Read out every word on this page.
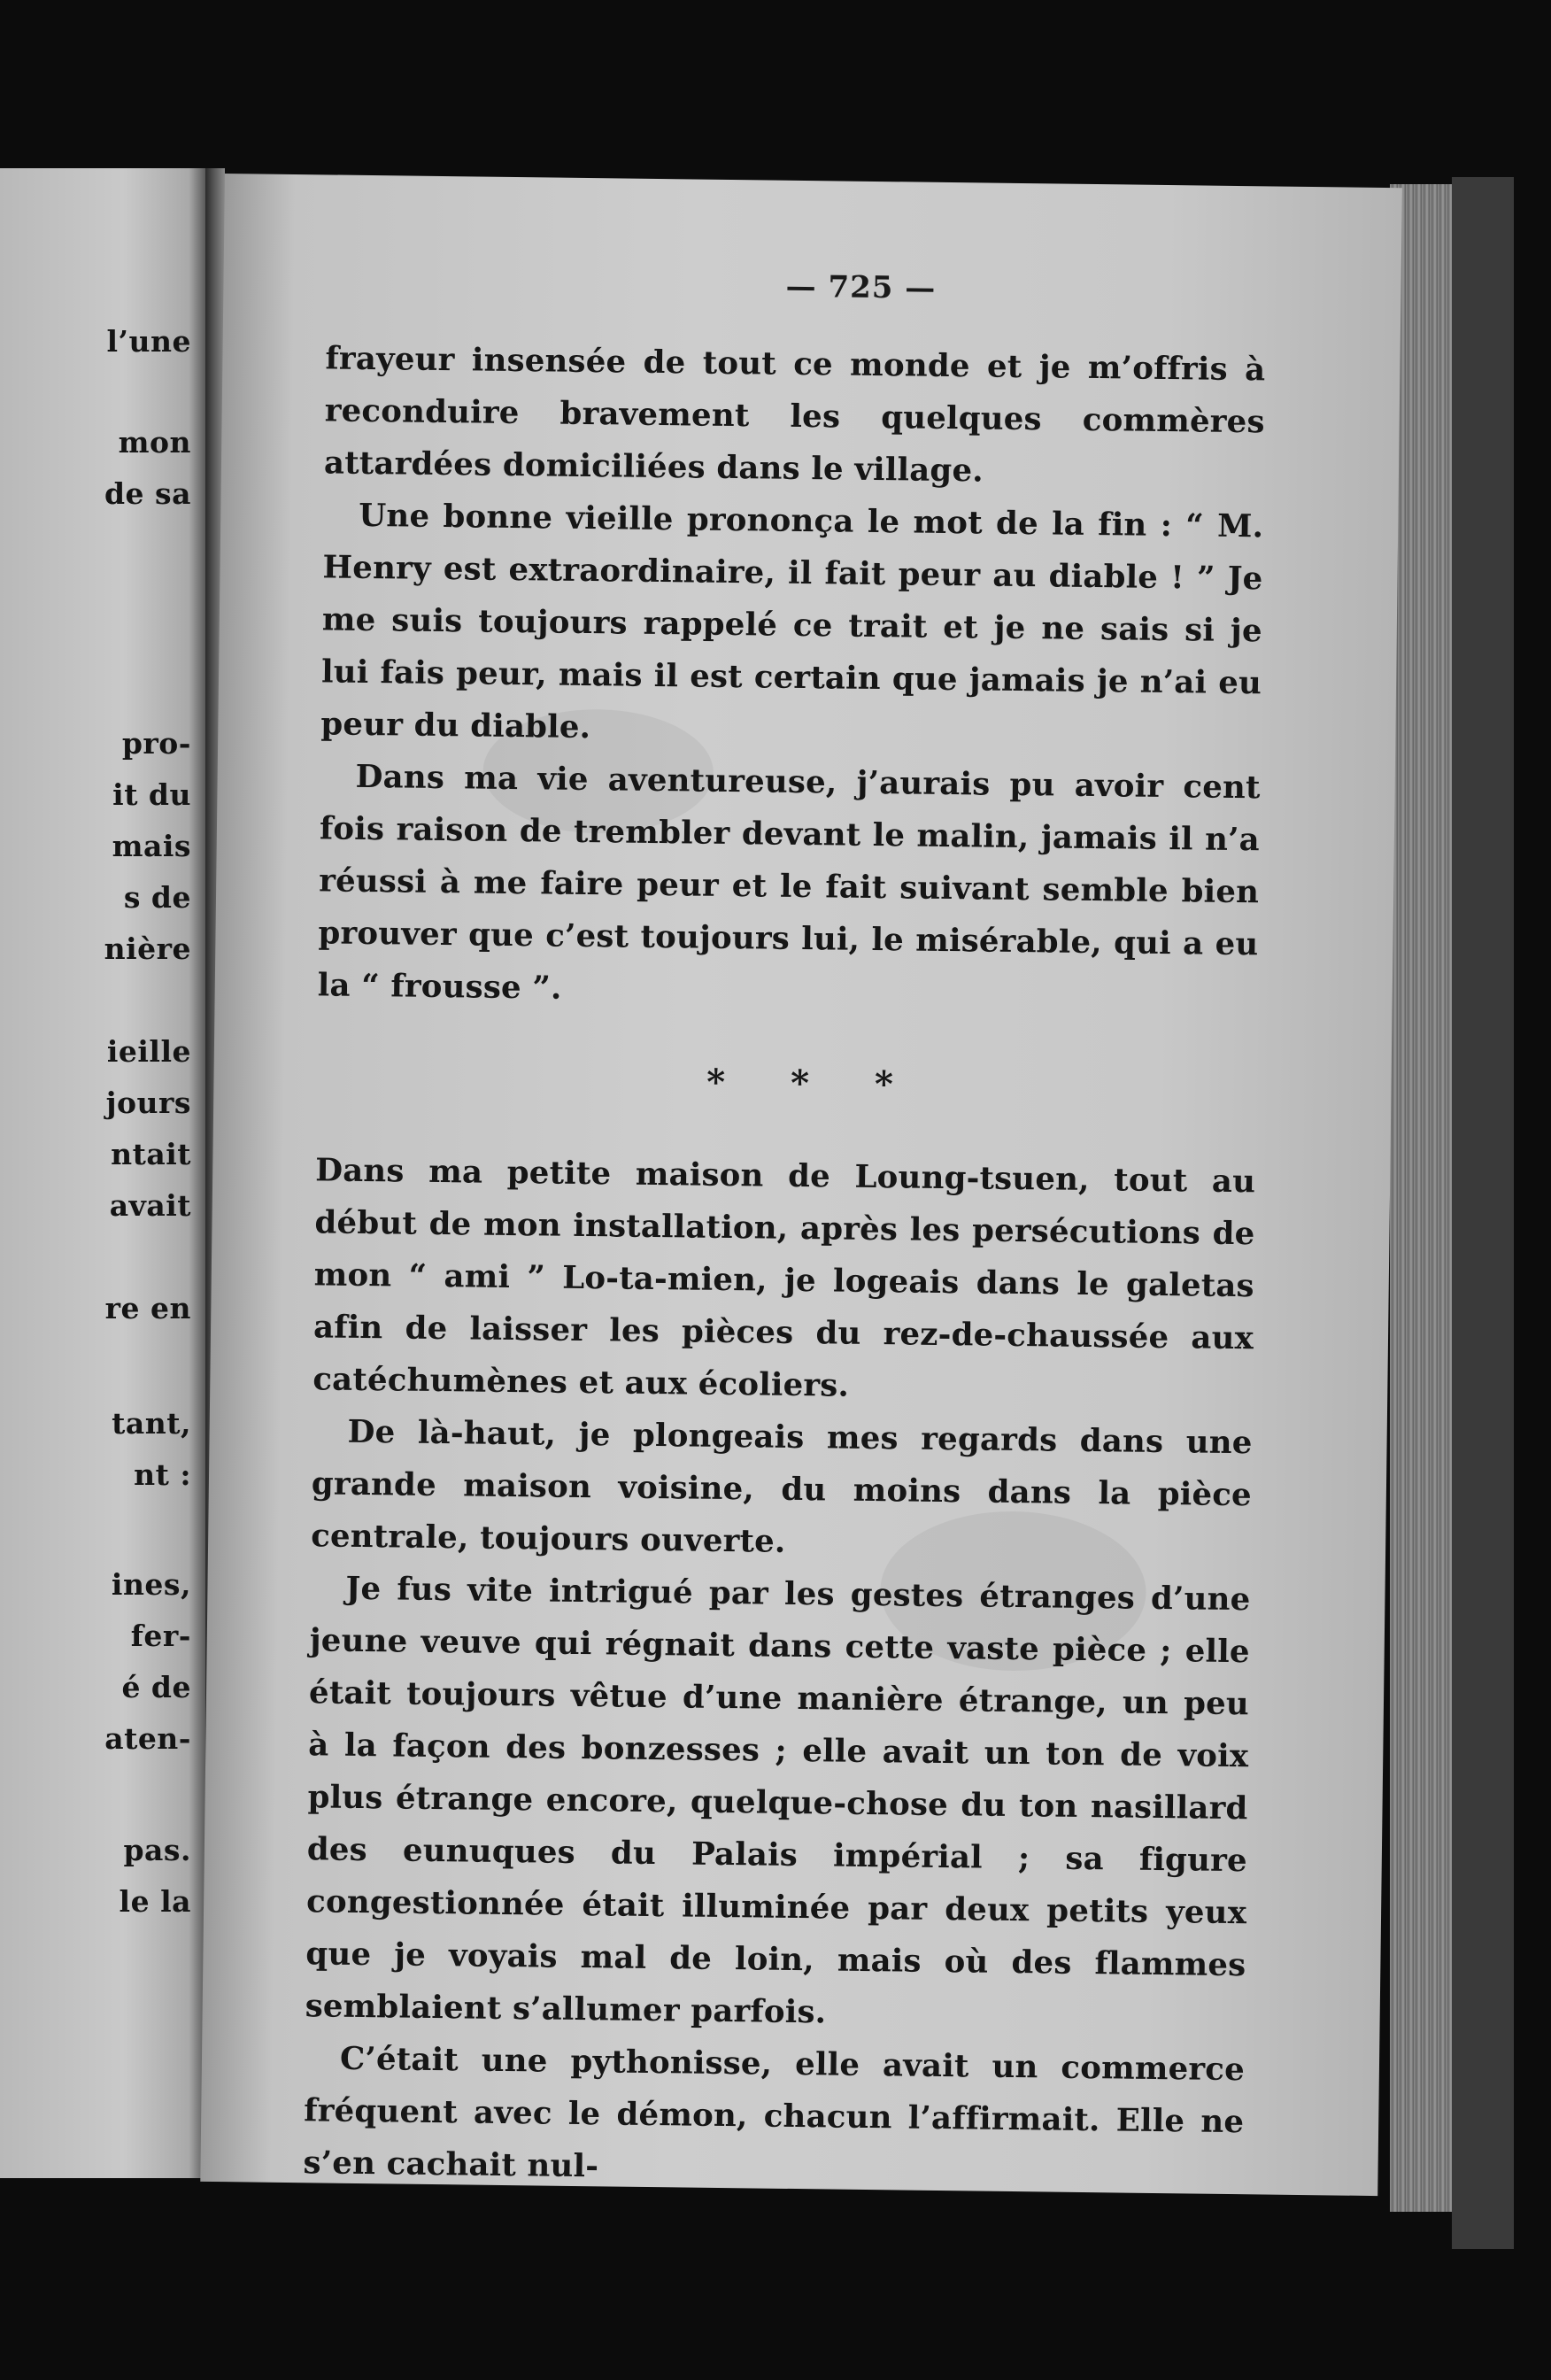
l’une
mon
de sa
pro-
it du
mais
s de
nière
ieille
jours
ntait
avait
re en
tant,
nt :
ines,
fer-
é de
aten-
pas.
le la
— 725 —

frayeur insensée de tout ce monde et je m’offris à reconduire bravement les quelques commères attardées domiciliées dans le village.

Une bonne vieille prononça le mot de la fin : “ M. Henry est extraordinaire, il fait peur au diable ! ” Je me suis toujours rappelé ce trait et je ne sais si je lui fais peur, mais il est certain que jamais je n’ai eu peur du diable.

Dans ma vie aventureuse, j’aurais pu avoir cent fois raison de trembler devant le malin, jamais il n’a réussi à me faire peur et le fait suivant semble bien prouver que c’est toujours lui, le misérable, qui a eu la “ frousse ”.

* * *

Dans ma petite maison de Loung-tsuen, tout au début de mon installation, après les persécutions de mon “ ami ” Lo-ta-mien, je logeais dans le galetas afin de laisser les pièces du rez-de-chaussée aux catéchumènes et aux écoliers.

De là-haut, je plongeais mes regards dans une grande maison voisine, du moins dans la pièce centrale, toujours ouverte.

Je fus vite intrigué par les gestes étranges d’une jeune veuve qui régnait dans cette vaste pièce ; elle était toujours vêtue d’une manière étrange, un peu à la façon des bonzesses ; elle avait un ton de voix plus étrange encore, quelque-chose du ton nasillard des eunuques du Palais impérial ; sa figure congestionnée était illuminée par deux petits yeux que je voyais mal de loin, mais où des flammes semblaient s’allumer parfois.

C’était une pythonisse, elle avait un commerce fréquent avec le démon, chacun l’affirmait. Elle ne s’en cachait nul-
